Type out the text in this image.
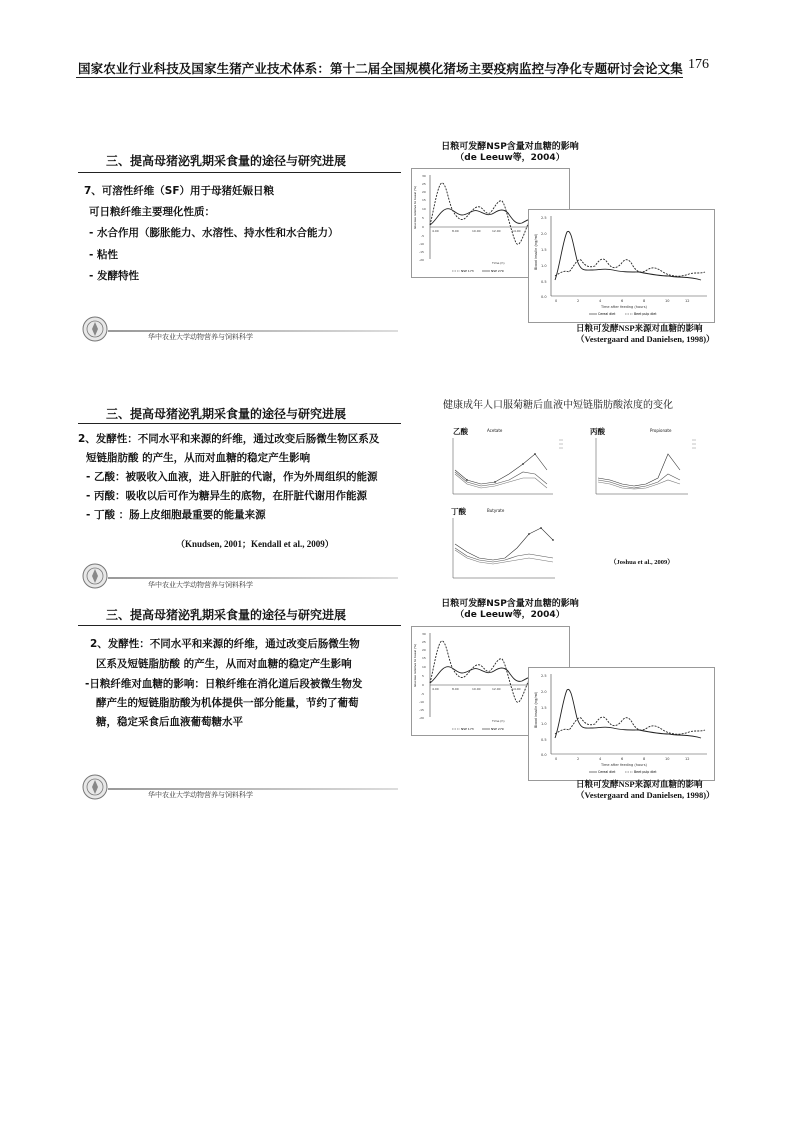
国家农业行业科技及国家生猪产业技术体系：第十二届全国规模化猪场主要疫病监控与净化专题研讨会论文集 176
三、提高母猪泌乳期采食量的途径与研究进展
7、可溶性纤维（SF）用于母猪妊娠日粮
可日粮纤维主要理化性质：
- 水合作用（膨胀能力、水溶性、持水性和水合能力）
- 粘性
- 发酵特性
华中农业大学动物营养与饲料科学
三、提高母猪泌乳期采食量的途径与研究进展
2、发酵性：不同水平和来源的纤维，通过改变后肠微生物区系及
短链脂肪酸 的产生，从而对血糖的稳定产生影响
- 乙酸：被吸收入血液，进入肝脏的代谢，作为外周组织的能源
- 丙酸：吸收以后可作为糖异生的底物，在肝脏代谢用作能源
- 丁酸 ：肠上皮细胞最重要的能量来源
（Knudsen, 2001；Kendall et al., 2009）
华中农业大学动物营养与饲料科学
三、提高母猪泌乳期采食量的途径与研究进展
2、发酵性：不同水平和来源的纤维，通过改变后肠微生物
区系及短链脂肪酸 的产生，从而对血糖的稳定产生影响
-日粮纤维对血糖的影响：日粮纤维在消化道后段被微生物发
酵产生的短链脂肪酸为机体提供一部分能量，节约了葡萄
糖，稳定采食后血液葡萄糖水平
华中农业大学动物营养与饲料科学
日粮可发酵NSP含量对血糖的影响
（de Leeuw等，2004）
Glucose relative to basal (%)
30
25
20
15
10
5
0
-5
-10
-15
-20
4.00	8.00	10.00	12.00	14.00
Time (h)
NSP 173	NSP 279
Blood insulin (ng/ml)
2.5
2.0
1.5
1.0
0.5
0.0
0	2	4	6	8	10	12
Time after feeding (hours)
Cereal diet	Beet pulp diet
日粮可发酵NSP来源对血糖的影响
（Vestergaard and Danielsen, 1998)）
健康成年人口服菊糖后血液中短链脂肪酸浓度的变化
乙酸	Acetate	丙酸	Propionate
丁酸	Butyrate
（Joshua et al., 2009）
日粮可发酵NSP含量对血糖的影响
（de Leeuw等，2004）
Glucose relative to basal (%)
30
25
20
15
10
5
0
-5
-10
-15
-20
4.00	8.00	10.00	12.00	14.00
Time (h)
NSP 173	NSP 279
Blood insulin (ng/ml)
2.5
2.0
1.5
1.0
0.5
0.0
0	2	4	6	8	10	12
Time after feeding (hours)
Cereal diet	Beet pulp diet
日粮可发酵NSP来源对血糖的影响
（Vestergaard and Danielsen, 1998)）
